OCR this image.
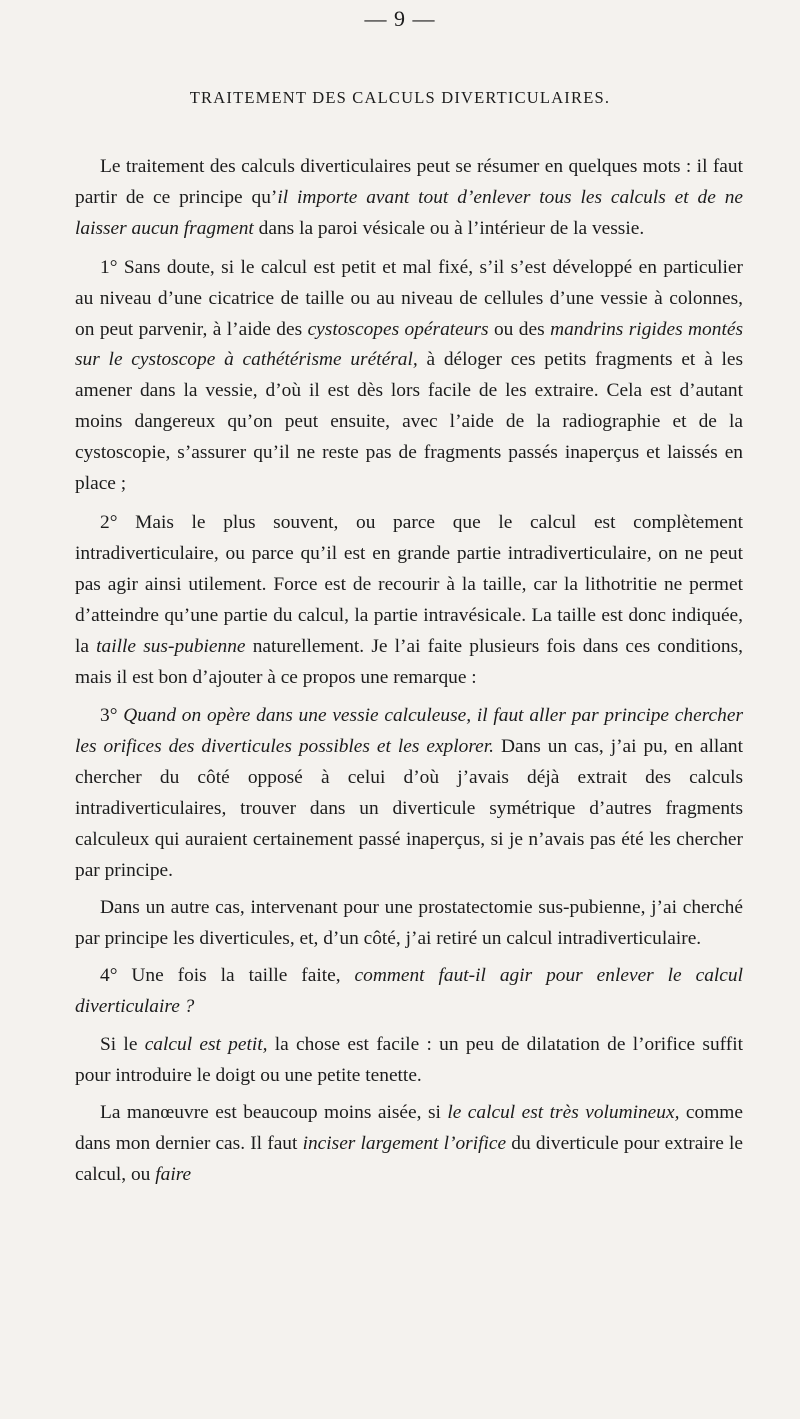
— 9 —
TRAITEMENT DES CALCULS DIVERTICULAIRES.

Le traitement des calculs diverticulaires peut se résumer en quelques mots : il faut partir de ce principe qu’il importe avant tout d’enlever tous les calculs et de ne laisser aucun fragment dans la paroi vésicale ou à l’intérieur de la vessie.

1° Sans doute, si le calcul est petit et mal fixé, s’il s’est développé en particulier au niveau d’une cicatrice de taille ou au niveau de cellules d’une vessie à colonnes, on peut parvenir, à l’aide des cystoscopes opérateurs ou des mandrins rigides montés sur le cystoscope à cathétérisme urétéral, à déloger ces petits fragments et à les amener dans la vessie, d’où il est dès lors facile de les extraire. Cela est d’autant moins dangereux qu’on peut ensuite, avec l’aide de la radiographie et de la cystoscopie, s’assurer qu’il ne reste pas de fragments passés inaperçus et laissés en place ;

2° Mais le plus souvent, ou parce que le calcul est complètement intradiverticulaire, ou parce qu’il est en grande partie intradiverticulaire, on ne peut pas agir ainsi utilement. Force est de recourir à la taille, car la lithotritie ne permet d’atteindre qu’une partie du calcul, la partie intravésicale. La taille est donc indiquée, la taille sus-pubienne naturellement. Je l’ai faite plusieurs fois dans ces conditions, mais il est bon d’ajouter à ce propos une remarque :

3° Quand on opère dans une vessie calculeuse, il faut aller par principe chercher les orifices des diverticules possibles et les explorer. Dans un cas, j’ai pu, en allant chercher du côté opposé à celui d’où j’avais déjà extrait des calculs intradiverticulaires, trouver dans un diverticule symétrique d’autres fragments calculeux qui auraient certainement passé inaperçus, si je n’avais pas été les chercher par principe.

Dans un autre cas, intervenant pour une prostatectomie sus-pubienne, j’ai cherché par principe les diverticules, et, d’un côté, j’ai retiré un calcul intradiverticulaire.

4° Une fois la taille faite, comment faut-il agir pour enlever le calcul diverticulaire ?

Si le calcul est petit, la chose est facile : un peu de dilatation de l’orifice suffit pour introduire le doigt ou une petite tenette.

La manœuvre est beaucoup moins aisée, si le calcul est très volumineux, comme dans mon dernier cas. Il faut inciser largement l’orifice du diverticule pour extraire le calcul, ou faire
